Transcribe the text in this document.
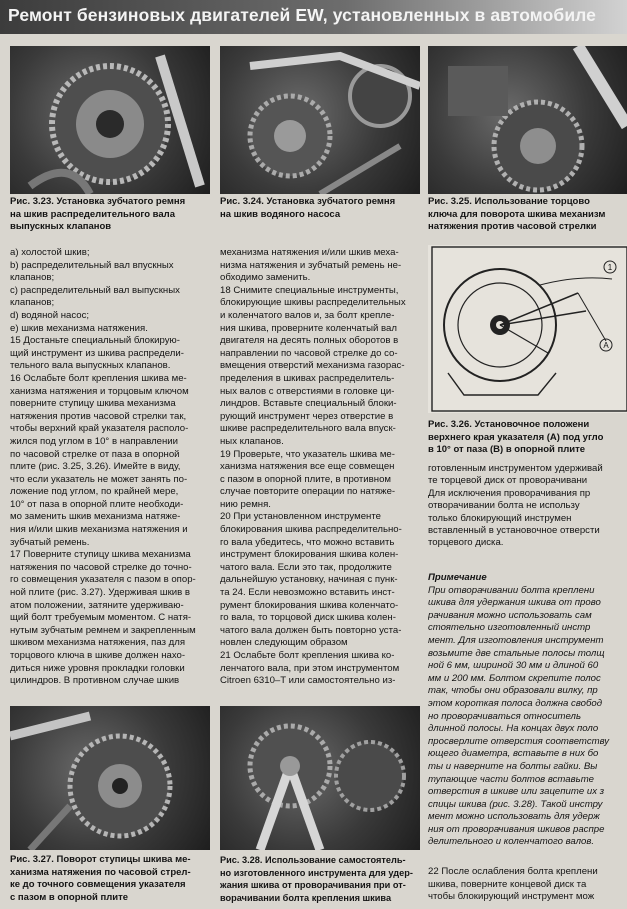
Ремонт бензиновых двигателей EW, установленных в автомобиле
Рис. 3.23. Установка зубчатого ремня
на шкив распределительного вала
выпускных клапанов
Рис. 3.24. Установка зубчатого ремня
на шкив водяного насоса
Рис. 3.25. Использование торцово
ключа для поворота шкива механизм
натяжения против часовой стрелки
a) холостой шкив;
b) распределительный вал впускных
клапанов;
c) распределительный вал выпускных
клапанов;
d) водяной насос;
e) шкив механизма натяжения.
15 Достаньте специальный блокирую-
щий инструмент из шкива распредели-
тельного вала выпускных клапанов.
16 Ослабьте болт крепления шкива ме-
ханизма натяжения и торцовым ключом
поверните ступицу шкива механизма
натяжения против часовой стрелки так,
чтобы верхний край указателя располо-
жился под углом в 10° в направлении
по часовой стрелке от паза в опорной
плите (рис. 3.25, 3.26). Имейте в виду,
что если указатель не может занять по-
ложение под углом, по крайней мере,
10° от паза в опорной плите необходи-
мо заменить шкив механизма натяже-
ния и/или шкив механизма натяжения и
зубчатый ремень.
17 Поверните ступицу шкива механизма
натяжения по часовой стрелке до точно-
го совмещения указателя с пазом в опор-
ной плите (рис. 3.27). Удерживая шкив в
атом положении, затяните удерживаю-
щий болт требуемым моментом. С натя-
нутым зубчатым ремнем и закрепленным
шкивом механизма натяжения, паз для
торцового ключа в шкиве должен нахо-
диться ниже уровня прокладки головки
цилиндров. В противном случае шкив
механизма натяжения и/или шкив меха-
низма натяжения и зубчатый ремень не-
обходимо заменить.
18 Снимите специальные инструменты,
блокирующие шкивы распределительных
и коленчатого валов и, за болт крепле-
ния шкива, проверните коленчатый вал
двигателя на десять полных оборотов в
направлении по часовой стрелке до со-
вмещения отверстий механизма газорас-
пределения в шкивах распределитель-
ных валов с отверстиями в головке ци-
линдров. Вставьте специальный блоки-
рующий инструмент через отверстие в
шкиве распределительного вала впуск-
ных клапанов.
19 Проверьте, что указатель шкива ме-
ханизма натяжения все еще совмещен
с пазом в опорной плите, в противном
случае повторите операции по натяже-
нию ремня.
20 При установленном инструменте
блокирования шкива распределительно-
го вала убедитесь, что можно вставить
инструмент блокирования шкива колен-
чатого вала. Если это так, продолжите
дальнейшую установку, начиная с пунк-
та 24. Если невозможно вставить инст-
румент блокирования шкива коленчато-
го вала, то торцовой диск шкива колен-
чатого вала должен быть повторно уста-
новлен следующим образом
21 Ослабьте болт крепления шкива ко-
ленчатого вала, при этом инструментом
Citroen 6310–T или самостоятельно из-
1
А
Рис. 3.26. Установочное положени
верхнего края указателя (А) под угло
в 10° от паза (В) в опорной плите
готовленным инструментом удерживай
те торцевой диск от проворачивани
Для исключения проворачивания пр
отворачивании болта не использу
только блокирующий инструмен
вставленный в установочное отверсти
торцевого диска.
Примечание
При отворачивании болта креплени
шкива для удержания шкива от прово
рачивания можно использовать сам
стоятельно изготовленный инстр
мент. Для изготовления инструмент
возьмите две стальные полосы толщ
ной 6 мм, шириной 30 мм и длиной 60
мм и 200 мм. Болтом скрепите полос
так, чтобы они образовали вилку, пр
этом короткая полоса должна свобод
но проворачиваться относитель
длинной полосы. На концах двух поло
просверлите отверстия соответству
ющего диаметра, вставьте в них бо
ты и наверните на болты гайки. Вы
тупающие части болтов вставьте
отверстия в шкиве или зацепите их з
спицы шкива (рис. 3.28). Такой инстру
мент можно использовать для удерж
ния от проворачивания шкивов распре
делительного и коленчатого валов.
22 После ослабления болта креплени
шкива, поверните концевой диск та
чтобы блокирующий инструмент мож
Рис. 3.27. Поворот ступицы шкива ме-
ханизма натяжения по часовой стрел-
ке до точного совмещения указателя
с пазом в опорной плите
Рис. 3.28. Использование самостоятель-
но изготовленного инструмента для удер-
жания шкива от проворачивания при от-
ворачивании болта крепления шкива
